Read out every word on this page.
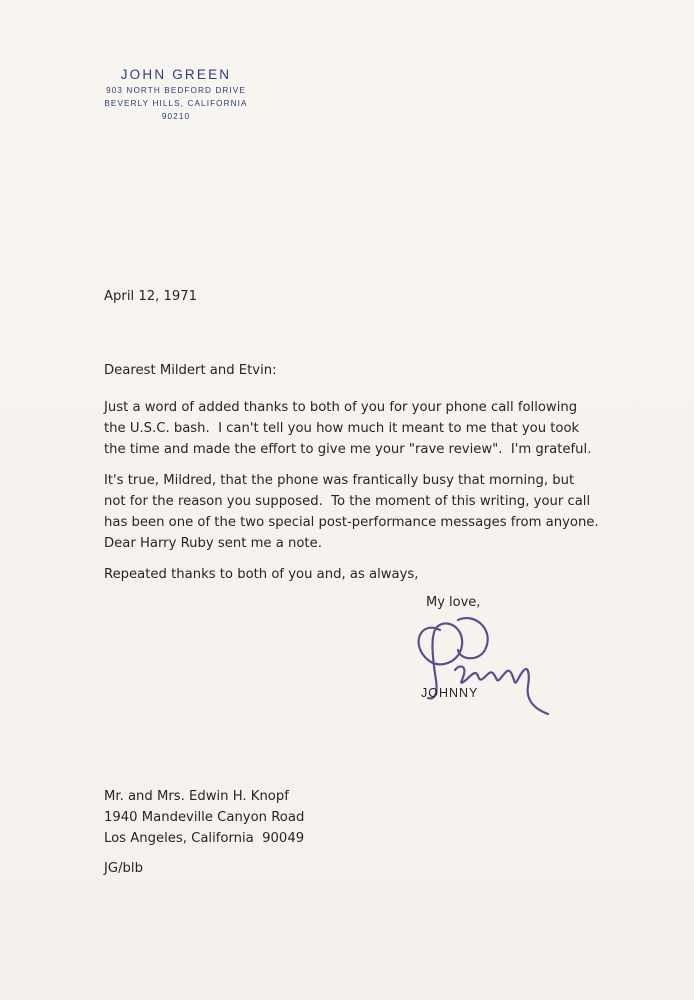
JOHN GREEN
903 NORTH BEDFORD DRIVE
BEVERLY HILLS, CALIFORNIA
90210
April 12, 1971
Dearest Mildert and Etvin:
Just a word of added thanks to both of you for your phone call following
the U.S.C. bash.  I can't tell you how much it meant to me that you took
the time and made the effort to give me your "rave review".  I'm grateful.
It's true, Mildred, that the phone was frantically busy that morning, but
not for the reason you supposed.  To the moment of this writing, your call
has been one of the two special post-performance messages from anyone.
Dear Harry Ruby sent me a note.
Repeated thanks to both of you and, as always,
My love,
JOHNNY
Mr. and Mrs. Edwin H. Knopf
1940 Mandeville Canyon Road
Los Angeles, California  90049
JG/blb
